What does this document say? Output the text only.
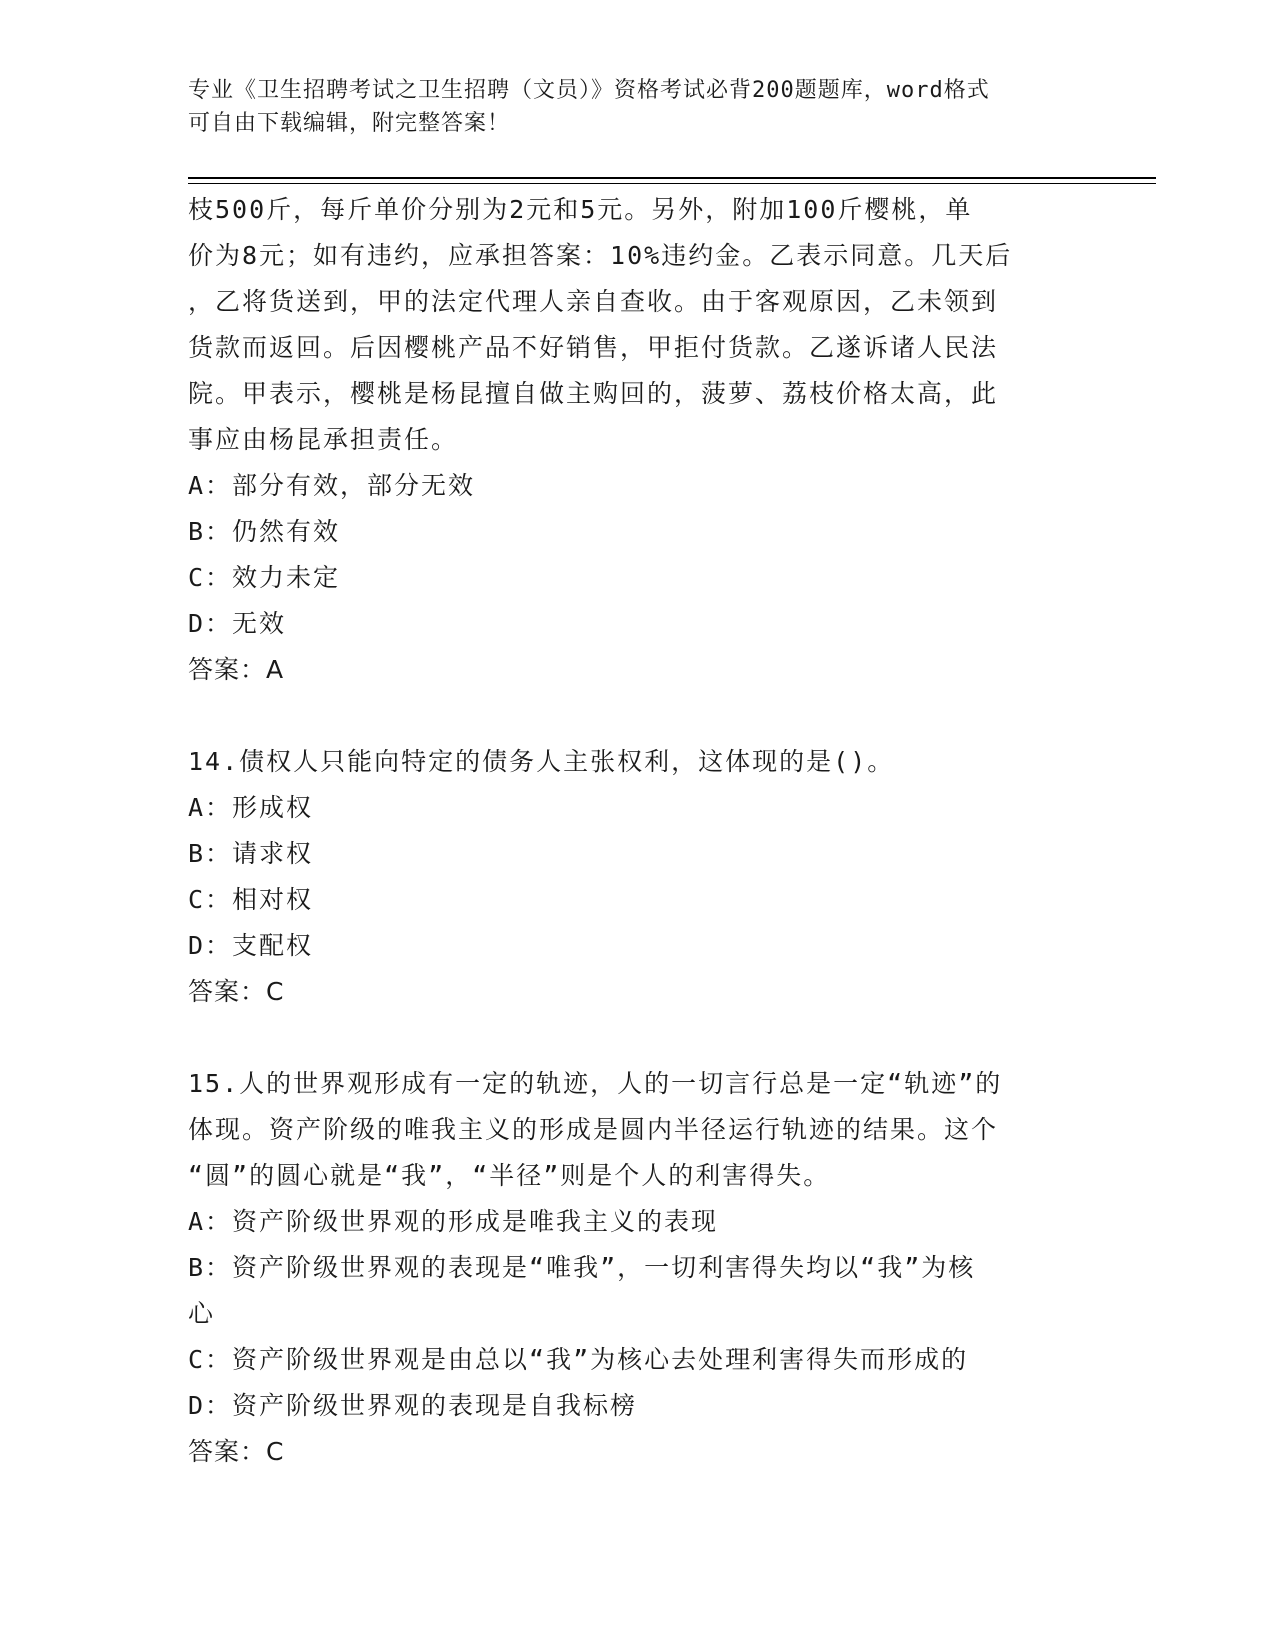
专业《卫生招聘考试之卫生招聘（文员）》资格考试必背200题题库，word格式
可自由下载编辑，附完整答案！
枝500斤，每斤单价分别为2元和5元。另外，附加100斤樱桃，单
价为8元；如有违约，应承担答案：10%违约金。乙表示同意。几天后
，乙将货送到，甲的法定代理人亲自查收。由于客观原因，乙未领到
货款而返回。后因樱桃产品不好销售，甲拒付货款。乙遂诉诸人民法
院。甲表示，樱桃是杨昆擅自做主购回的，菠萝、荔枝价格太高，此
事应由杨昆承担责任。
A：部分有效，部分无效
B：仍然有效
C：效力未定
D：无效
答案：A
14.债权人只能向特定的债务人主张权利，这体现的是()。
A：形成权
B：请求权
C：相对权
D：支配权
答案：C
15.人的世界观形成有一定的轨迹，人的一切言行总是一定“轨迹”的
体现。资产阶级的唯我主义的形成是圆内半径运行轨迹的结果。这个
“圆”的圆心就是“我”，“半径”则是个人的利害得失。
A：资产阶级世界观的形成是唯我主义的表现
B：资产阶级世界观的表现是“唯我”，一切利害得失均以“我”为核
心
C：资产阶级世界观是由总以“我”为核心去处理利害得失而形成的
D：资产阶级世界观的表现是自我标榜
答案：C
